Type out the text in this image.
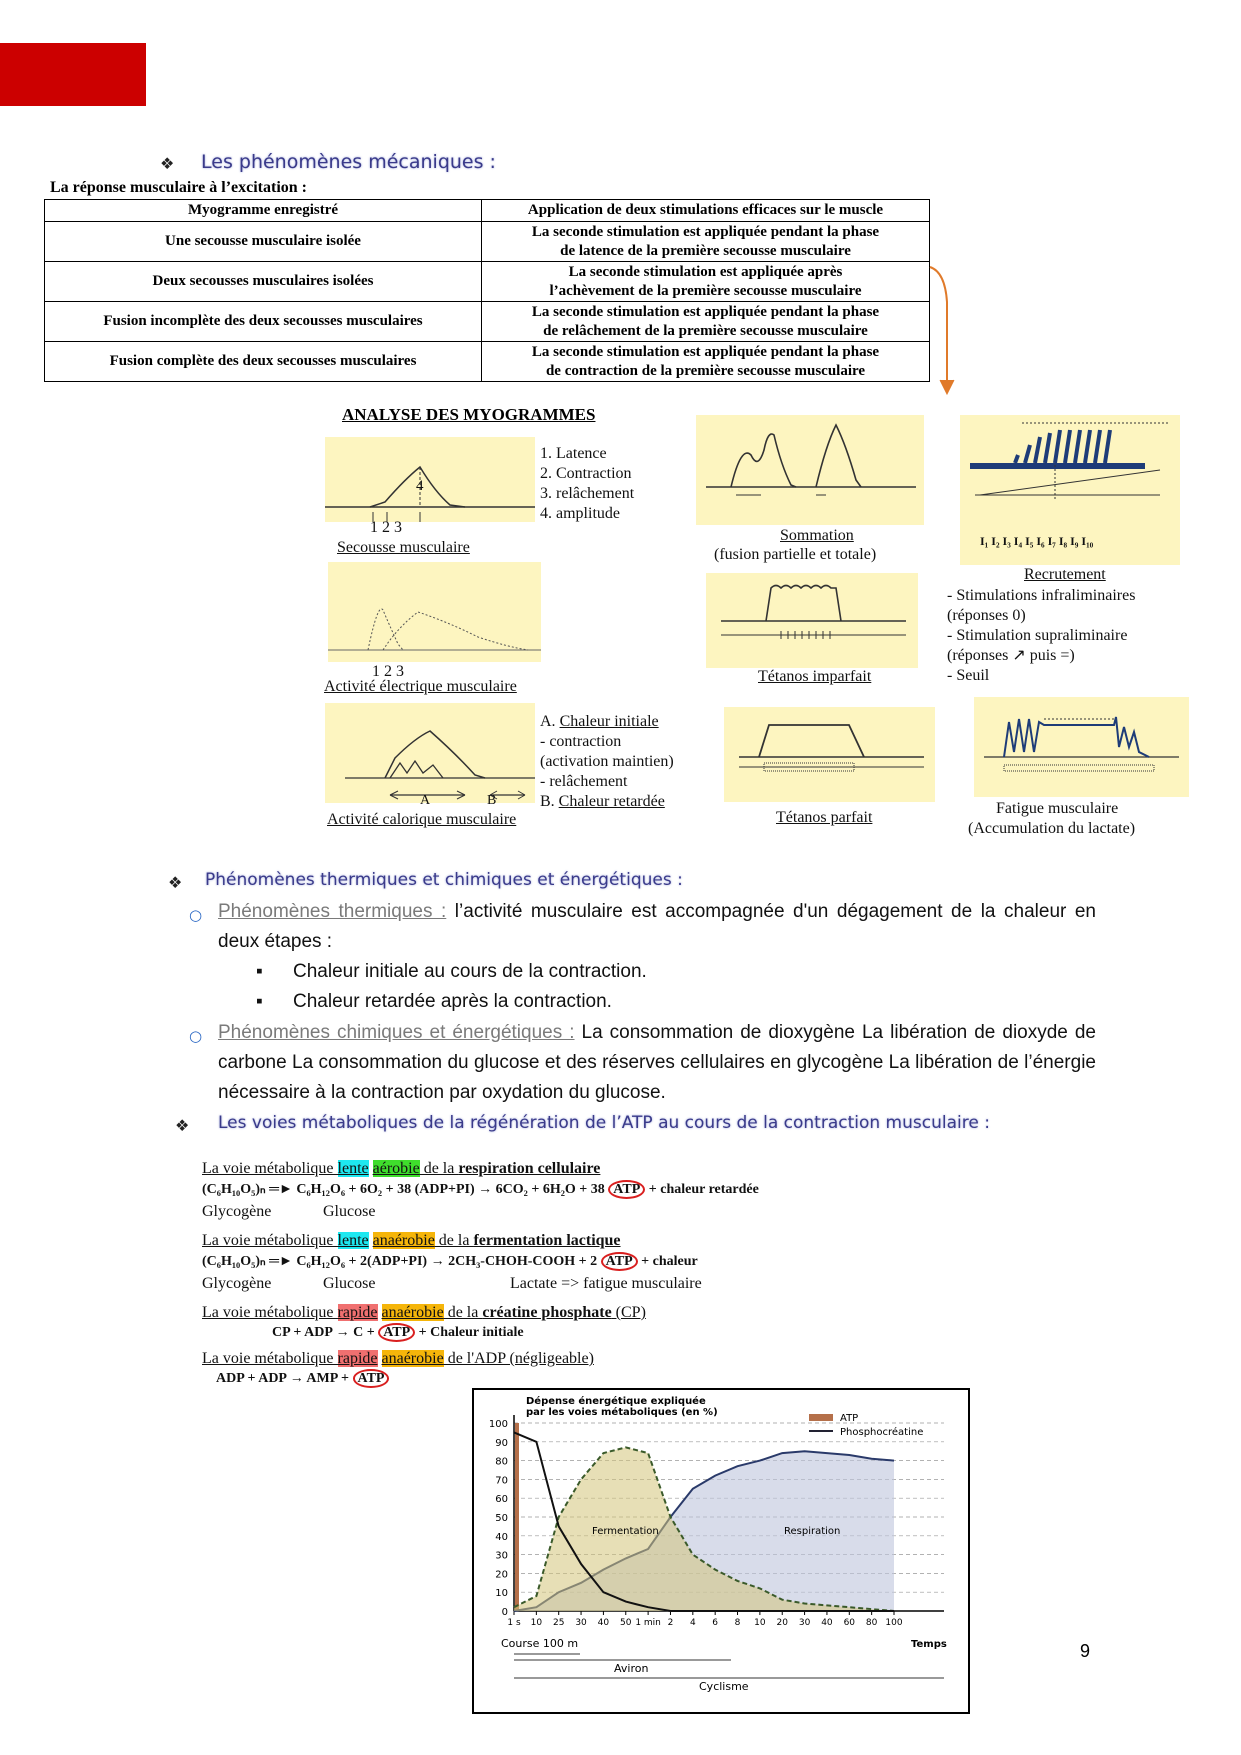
❖ Les phénomènes mécaniques :
La réponse musculaire à l’excitation :
Myogramme enregistré	Application de deux stimulations efficaces sur le muscle
Une secousse musculaire isolée	La seconde stimulation est appliquée pendant la phase
de latence de la première secousse musculaire
Deux secousses musculaires isolées	La seconde stimulation est appliquée après
l’achèvement de la première secousse musculaire
Fusion incomplète des deux secousses musculaires	La seconde stimulation est appliquée pendant la phase
de relâchement de la première secousse musculaire
Fusion complète des deux secousses musculaires	La seconde stimulation est appliquée pendant la phase
de contraction de la première secousse musculaire
ANALYSE DES MYOGRAMMES
4
1 2 3
Secousse musculaire
1. Latence
2. Contraction
3. relâchement
4. amplitude
1 2 3
Activité électrique musculaire
A	B
Activité calorique musculaire
A. Chaleur initiale
- contraction
(activation maintien)
- relâchement
B. Chaleur retardée
Sommation
(fusion partielle et totale)
Tétanos imparfait
Tétanos parfait
I₁ I₂ I₃ I₄ I₅ I₆ I₇ I₈ I₉ I₁₀
Recrutement
- Stimulations infraliminaires
(réponses 0)
- Stimulation supraliminaire
(réponses ↗ puis =)
- Seuil
Fatigue musculaire
(Accumulation du lactate)
❖ Phénomènes thermiques et chimiques et énergétiques :
○ Phénomènes thermiques : l’activité musculaire est accompagnée d'un dégagement de la chaleur en deux étapes :
▪ Chaleur initiale au cours de la contraction.
▪ Chaleur retardée après la contraction.
○ Phénomènes chimiques et énergétiques : La consommation de dioxygène La libération de dioxyde de carbone La consommation du glucose et des réserves cellulaires en glycogène La libération de l’énergie nécessaire à la contraction par oxydation du glucose.
❖ Les voies métaboliques de la régénération de l’ATP au cours de la contraction musculaire :
La voie métabolique lente aérobie de la respiration cellulaire
(C₆H₁₀O₅)ₙ ═► C₆H₁₂O₆ + 6O₂ + 38 (ADP+PI) → 6CO₂ + 6H₂O + 38 ATP + chaleur retardée
Glycogène	Glucose
La voie métabolique lente anaérobie de la fermentation lactique
(C₆H₁₀O₅)ₙ ═► C₆H₁₂O₆ + 2(ADP+PI) → 2CH₃-CHOH-COOH + 2 ATP + chaleur
Glycogène	Glucose	Lactate => fatigue musculaire
La voie métabolique rapide anaérobie de la créatine phosphate (CP)
CP + ADP → C + ATP + Chaleur initiale
La voie métabolique rapide anaérobie de l'ADP (négligeable)
ADP + ADP → AMP + ATP
Dépense énergétique expliquée
par les voies métaboliques (en %)
ATP
Phosphocréatine
100
90
80
70
60
50
40
30
20
10
0
1 s 10 25 30 40 50 1 min 2 4 6 8 10 20 30 40 60 80 100
Fermentation	Respiration
Temps
Course 100 m
Aviron
Cyclisme
9
